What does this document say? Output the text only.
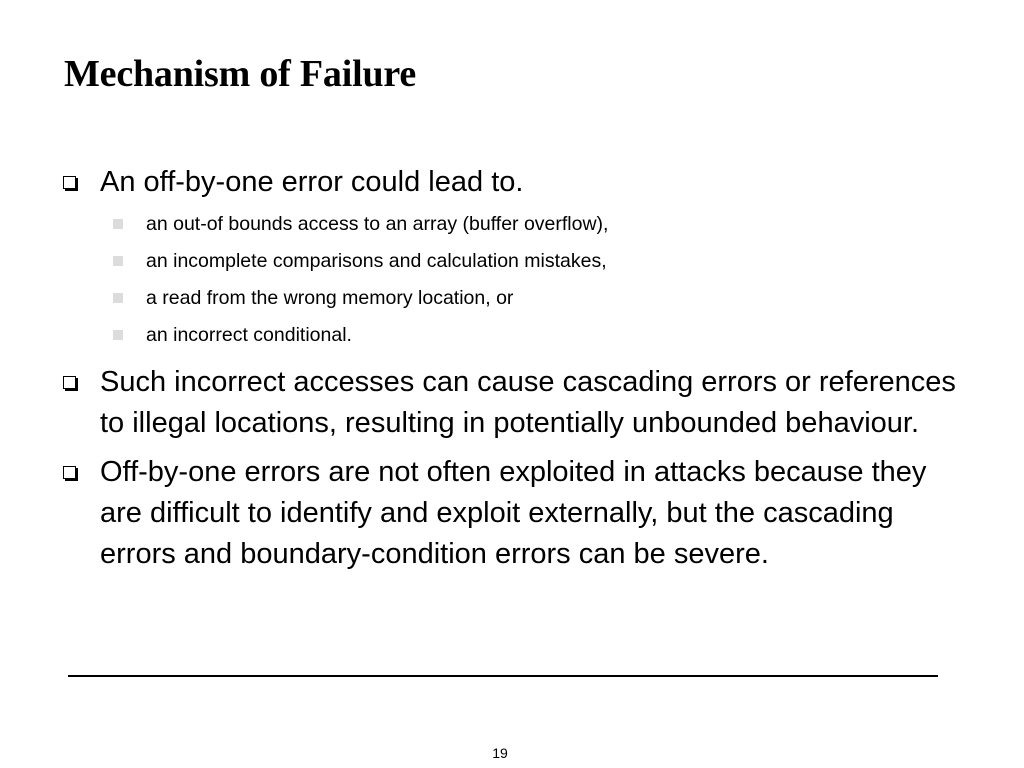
Mechanism of Failure
An off-by-one error could lead to.
an out-of bounds access to an array (buffer overflow),
an incomplete comparisons and calculation mistakes,
a read from the wrong memory location, or
an incorrect conditional.
Such incorrect accesses can cause cascading errors or references to illegal locations, resulting in potentially unbounded behaviour.
Off-by-one errors are not often exploited in attacks because they are difficult to identify and exploit externally, but the cascading errors and boundary-condition errors can be severe.
19
